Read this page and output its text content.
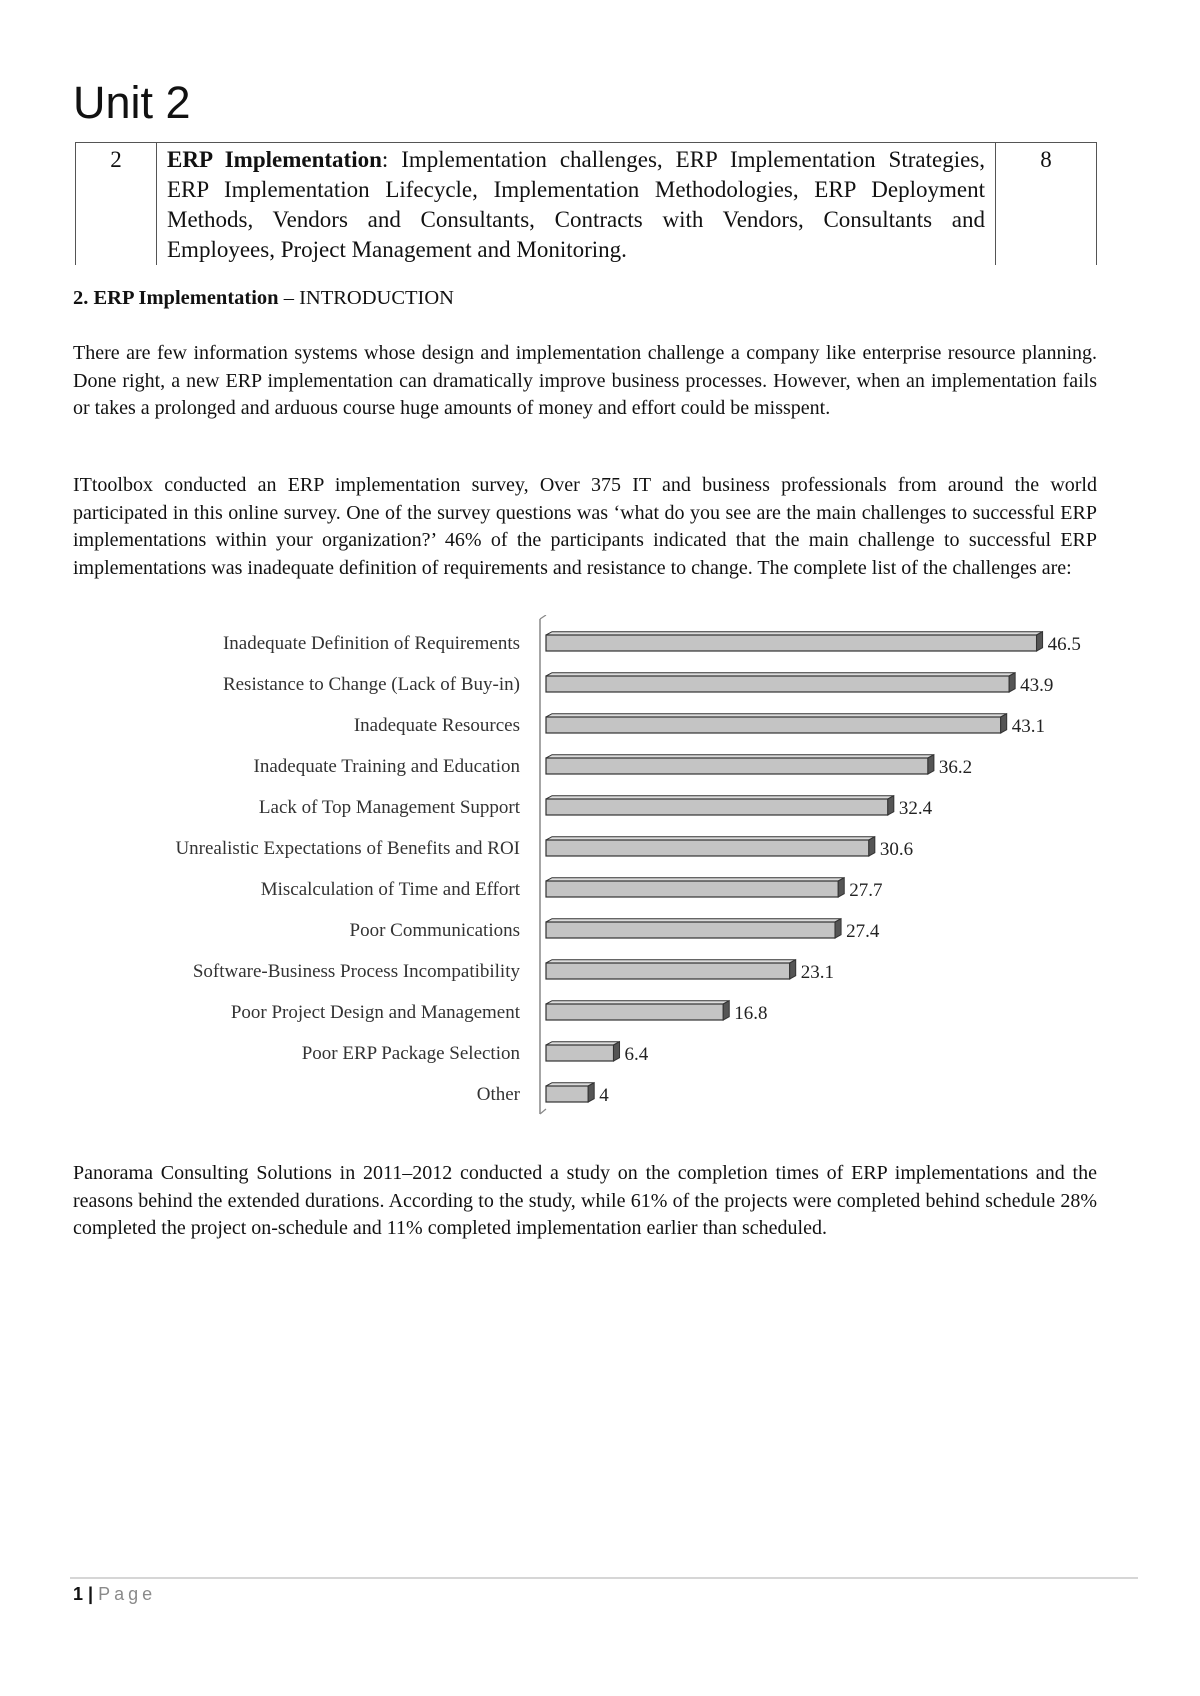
Unit 2
2	ERP Implementation: Implementation challenges, ERP Implementation Strategies, ERP Implementation Lifecycle, Implementation Methodologies, ERP Deployment Methods, Vendors and Consultants, Contracts with Vendors, Consultants and Employees, Project Management and Monitoring.	8
2. ERP Implementation – INTRODUCTION

There are few information systems whose design and implementation challenge a company like enterprise resource planning. Done right, a new ERP implementation can dramatically improve business processes. However, when an implementation fails or takes a prolonged and arduous course huge amounts of money and effort could be misspent.

ITtoolbox conducted an ERP implementation survey, Over 375 IT and business professionals from around the world participated in this online survey. One of the survey questions was ‘what do you see are the main challenges to successful ERP implementations within your organization?’ 46% of the participants indicated that the main challenge to successful ERP implementations was inadequate definition of requirements and resistance to change. The complete list of the challenges are:

Inadequate Definition of Requirements	46.5
Resistance to Change (Lack of Buy-in)	43.9
Inadequate Resources	43.1
Inadequate Training and Education	36.2
Lack of Top Management Support	32.4
Unrealistic Expectations of Benefits and ROI	30.6
Miscalculation of Time and Effort	27.7
Poor Communications	27.4
Software-Business Process Incompatibility	23.1
Poor Project Design and Management	16.8
Poor ERP Package Selection	6.4
Other	4

Panorama Consulting Solutions in 2011–2012 conducted a study on the completion times of ERP implementations and the reasons behind the extended durations. According to the study, while 61% of the projects were completed behind schedule 28% completed the project on-schedule and 11% completed implementation earlier than scheduled.

1 | Page
